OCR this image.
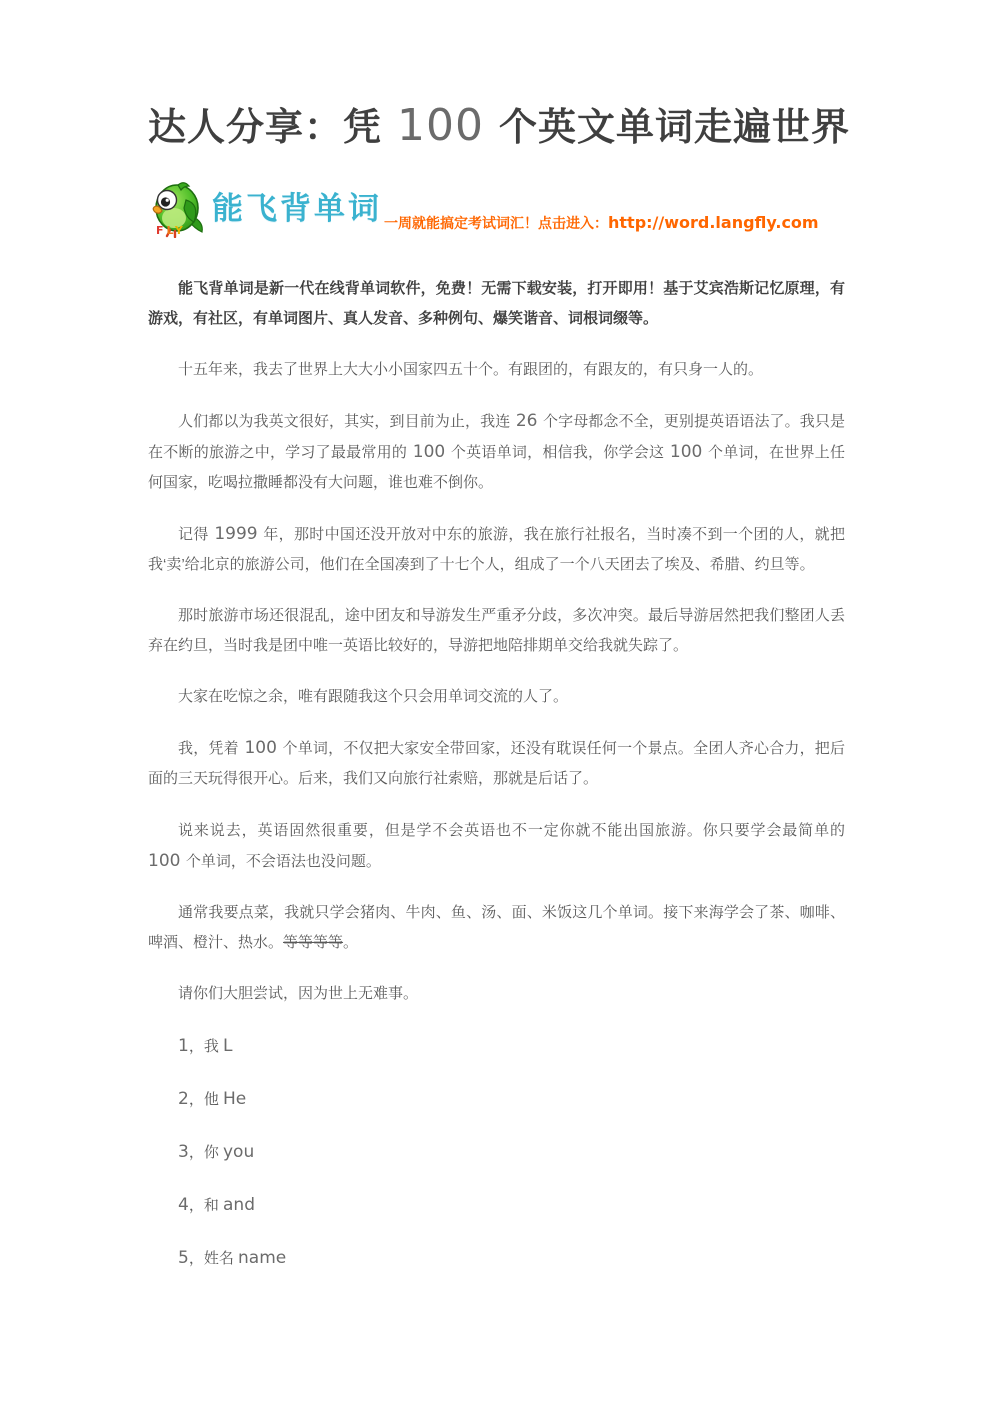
达人分享：凭 100 个英文单词走遍世界
FLY
能飞背单词 一周就能搞定考试词汇！点击进入：http://word.langfly.com

能飞背单词是新一代在线背单词软件，免费！无需下载安装，打开即用！基于艾宾浩斯记忆原理，有游戏，有社区，有单词图片、真人发音、多种例句、爆笑谐音、词根词缀等。

十五年来，我去了世界上大大小小国家四五十个。有跟团的，有跟友的，有只身一人的。

人们都以为我英文很好，其实，到目前为止，我连 26 个字母都念不全，更别提英语语法了。我只是在不断的旅游之中，学习了最最常用的 100 个英语单词，相信我，你学会这 100 个单词，在世界上任何国家，吃喝拉撒睡都没有大问题，谁也难不倒你。

记得 1999 年，那时中国还没开放对中东的旅游，我在旅行社报名，当时凑不到一个团的人，就把我‘卖’给北京的旅游公司，他们在全国凑到了十七个人，组成了一个八天团去了埃及、希腊、约旦等。

那时旅游市场还很混乱，途中团友和导游发生严重矛分歧，多次冲突。最后导游居然把我们整团人丢弃在约旦，当时我是团中唯一英语比较好的，导游把地陪排期单交给我就失踪了。

大家在吃惊之余，唯有跟随我这个只会用单词交流的人了。

我，凭着 100 个单词，不仅把大家安全带回家，还没有耽误任何一个景点。全团人齐心合力，把后面的三天玩得很开心。后来，我们又向旅行社索赔，那就是后话了。

说来说去，英语固然很重要，但是学不会英语也不一定你就不能出国旅游。你只要学会最简单的 100 个单词，不会语法也没问题。

通常我要点菜，我就只学会猪肉、牛肉、鱼、汤、面、米饭这几个单词。接下来海学会了茶、咖啡、啤酒、橙汁、热水。等等等等。

请你们大胆尝试，因为世上无难事。

1，我 L

2，他 He

3，你 you

4，和 and

5，姓名 name
